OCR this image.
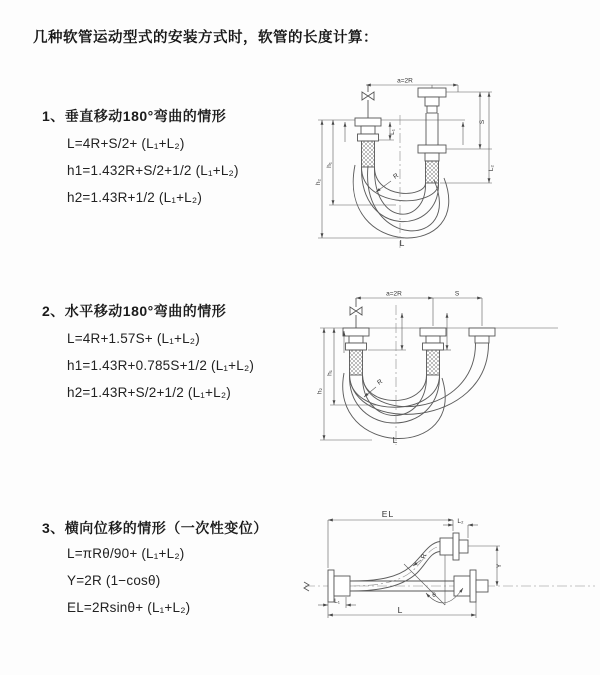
几种软管运动型式的安装方式时，软管的长度计算：
1、垂直移动180°弯曲的情形
L=4R+S/2+ (L₁+L₂)
h1=1.432R+S/2+1/2 (L₁+L₂)
h2=1.43R+1/2 (L₁+L₂)
a=2R
h₂
h₁
L₁
S
L₂
R
L
2、水平移动180°弯曲的情形
L=4R+1.57S+ (L₁+L₂)
h1=1.43R+0.785S+1/2 (L₁+L₂)
h2=1.43R+S/2+1/2 (L₁+L₂)
a=2R	S
h₂
h₁
R
L
3、横向位移的情形（一次性变位）
L=πRθ/90+ (L₁+L₂)
Y=2R (1−cosθ)
EL=2Rsinθ+ (L₁+L₂)
EL
L₂
Y
θ
R
L₁
L
